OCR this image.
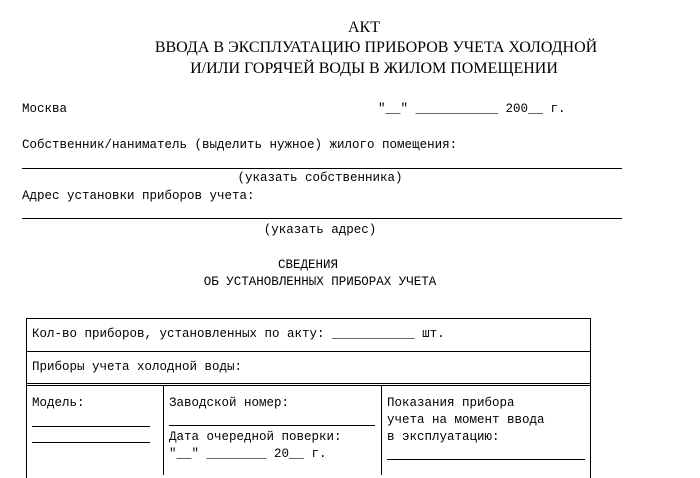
АКТ
ВВОДА В ЭКСПЛУАТАЦИЮ ПРИБОРОВ УЧЕТА ХОЛОДНОЙ
И/ИЛИ ГОРЯЧЕЙ ВОДЫ В ЖИЛОМ ПОМЕЩЕНИИ
Москва	"__" ___________ 200__ г.
Собственник/наниматель (выделить нужное) жилого помещения:
(указать собственника)
Адрес установки приборов учета:
(указать адрес)
СВЕДЕНИЯ
ОБ УСТАНОВЛЕННЫХ ПРИБОРАХ УЧЕТА
Кол-во приборов, установленных по акту: ___________ шт.
Приборы учета холодной воды:
Модель:	Заводской номер:
Дата очередной поверки:
"__" ________ 20__ г.
Показания прибора
учета на момент ввода
в эксплуатацию:
